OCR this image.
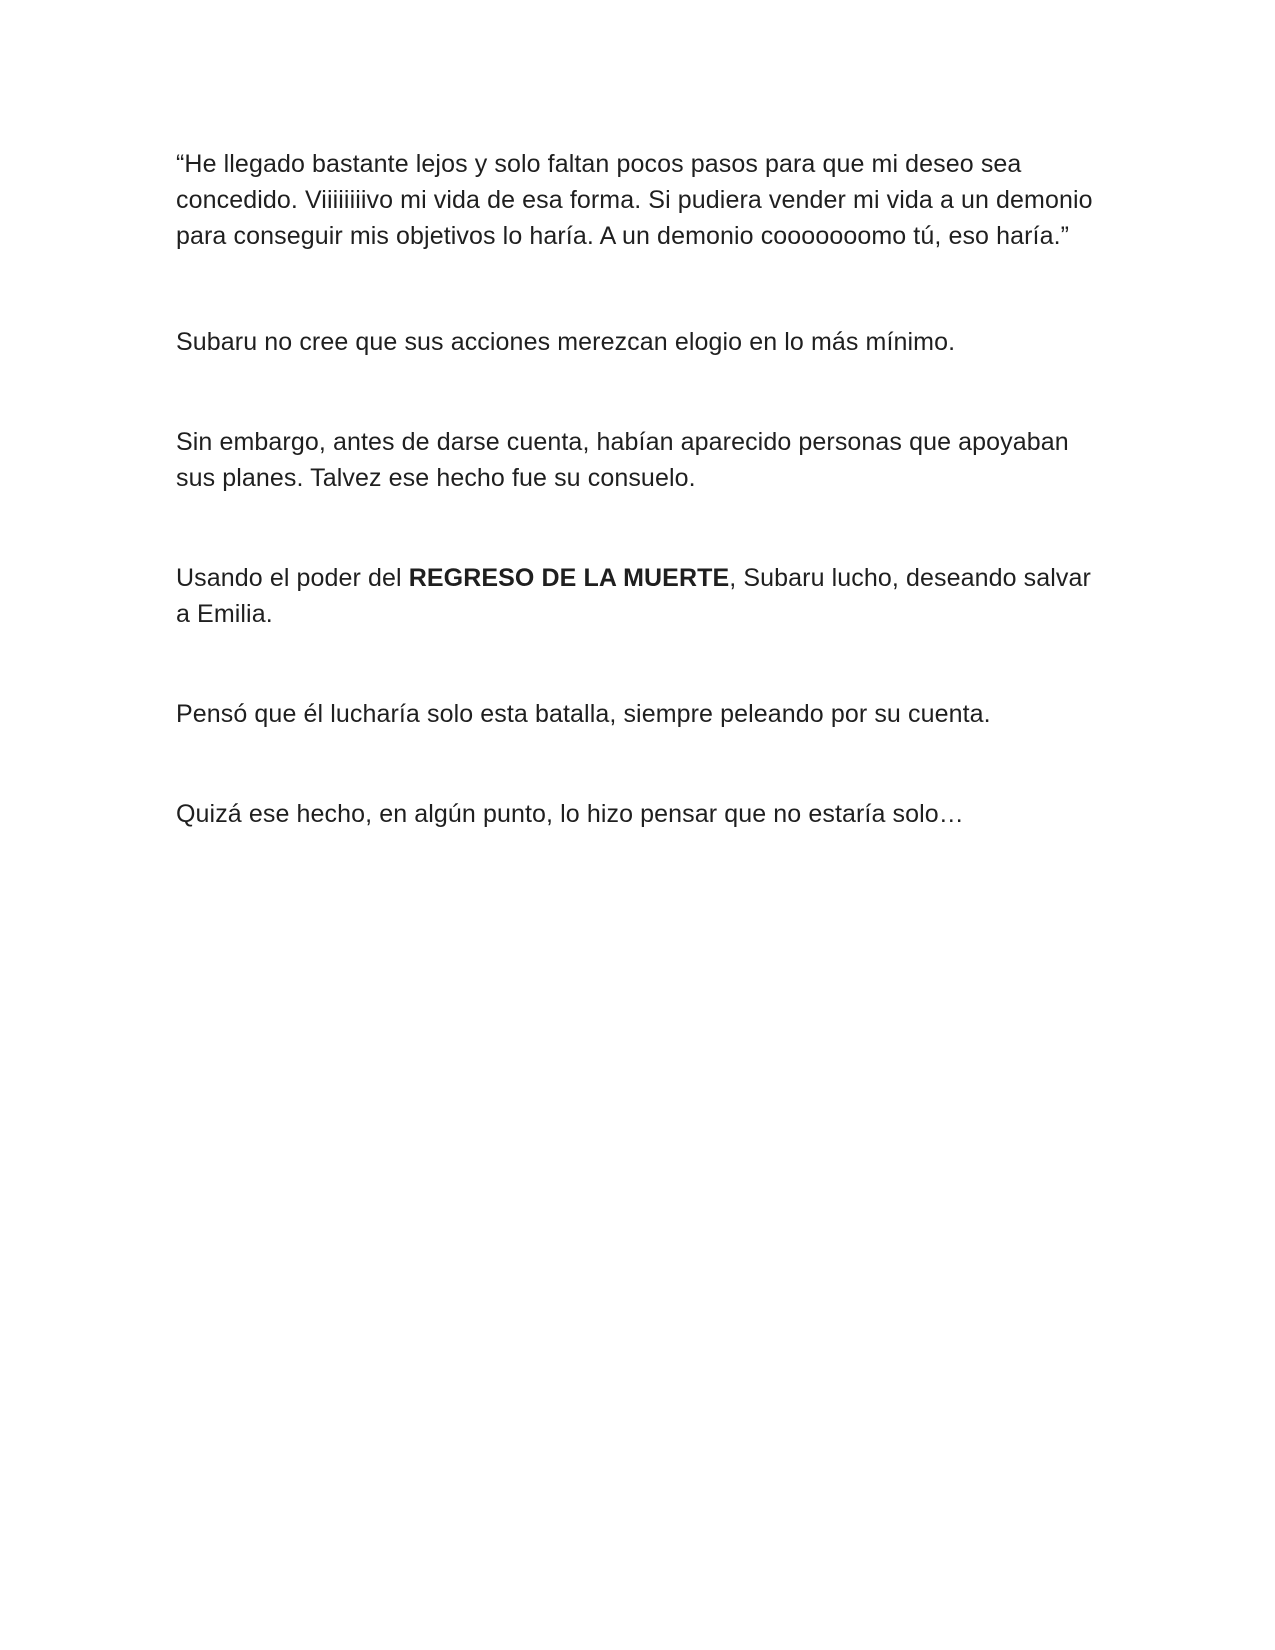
“He llegado bastante lejos y solo faltan pocos pasos para que mi deseo sea concedido. Viiiiiiiivo mi vida de esa forma. Si pudiera vender mi vida a un demonio para conseguir mis objetivos lo haría. A un demonio cooooooomo tú, eso haría.”

Subaru no cree que sus acciones merezcan elogio en lo más mínimo.

Sin embargo, antes de darse cuenta, habían aparecido personas que apoyaban sus planes. Talvez ese hecho fue su consuelo.

Usando el poder del REGRESO DE LA MUERTE, Subaru lucho, deseando salvar a Emilia.

Pensó que él lucharía solo esta batalla, siempre peleando por su cuenta.

Quizá ese hecho, en algún punto, lo hizo pensar que no estaría solo…
